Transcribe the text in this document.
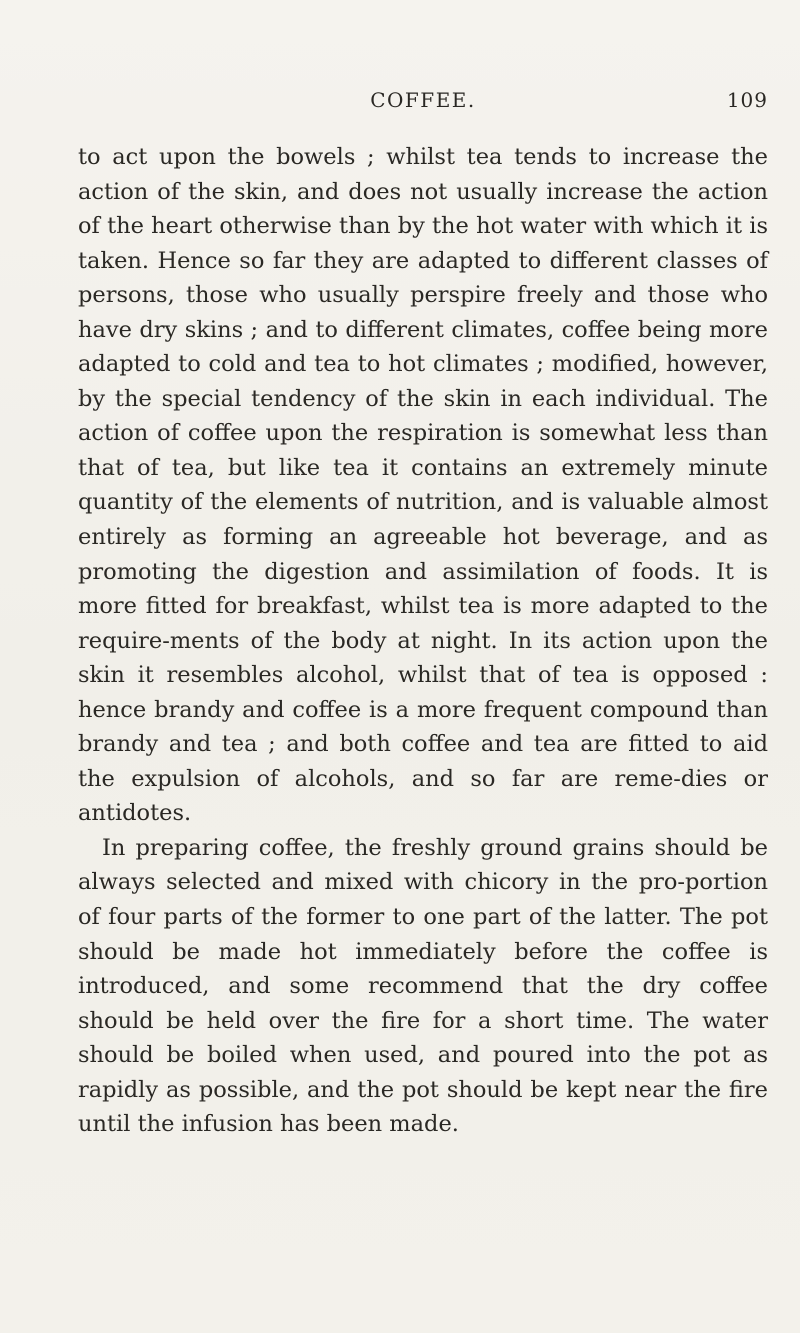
COFFEE.	109

to act upon the bowels ; whilst tea tends to increase the action of the skin, and does not usually increase the action of the heart otherwise than by the hot water with which it is taken. Hence so far they are adapted to different classes of persons, those who usually perspire freely and those who have dry skins ; and to different climates, coffee being more adapted to cold and tea to hot climates ; modified, however, by the special tendency of the skin in each individual. The action of coffee upon the respiration is somewhat less than that of tea, but like tea it contains an extremely minute quantity of the elements of nutrition, and is valuable almost entirely as forming an agreeable hot beverage, and as promoting the digestion and assimilation of foods. It is more fitted for breakfast, whilst tea is more adapted to the require-ments of the body at night. In its action upon the skin it resembles alcohol, whilst that of tea is opposed : hence brandy and coffee is a more frequent compound than brandy and tea ; and both coffee and tea are fitted to aid the expulsion of alcohols, and so far are reme-dies or antidotes.

In preparing coffee, the freshly ground grains should be always selected and mixed with chicory in the pro-portion of four parts of the former to one part of the latter. The pot should be made hot immediately before the coffee is introduced, and some recommend that the dry coffee should be held over the fire for a short time. The water should be boiled when used, and poured into the pot as rapidly as possible, and the pot should be kept near the fire until the infusion has been made.
